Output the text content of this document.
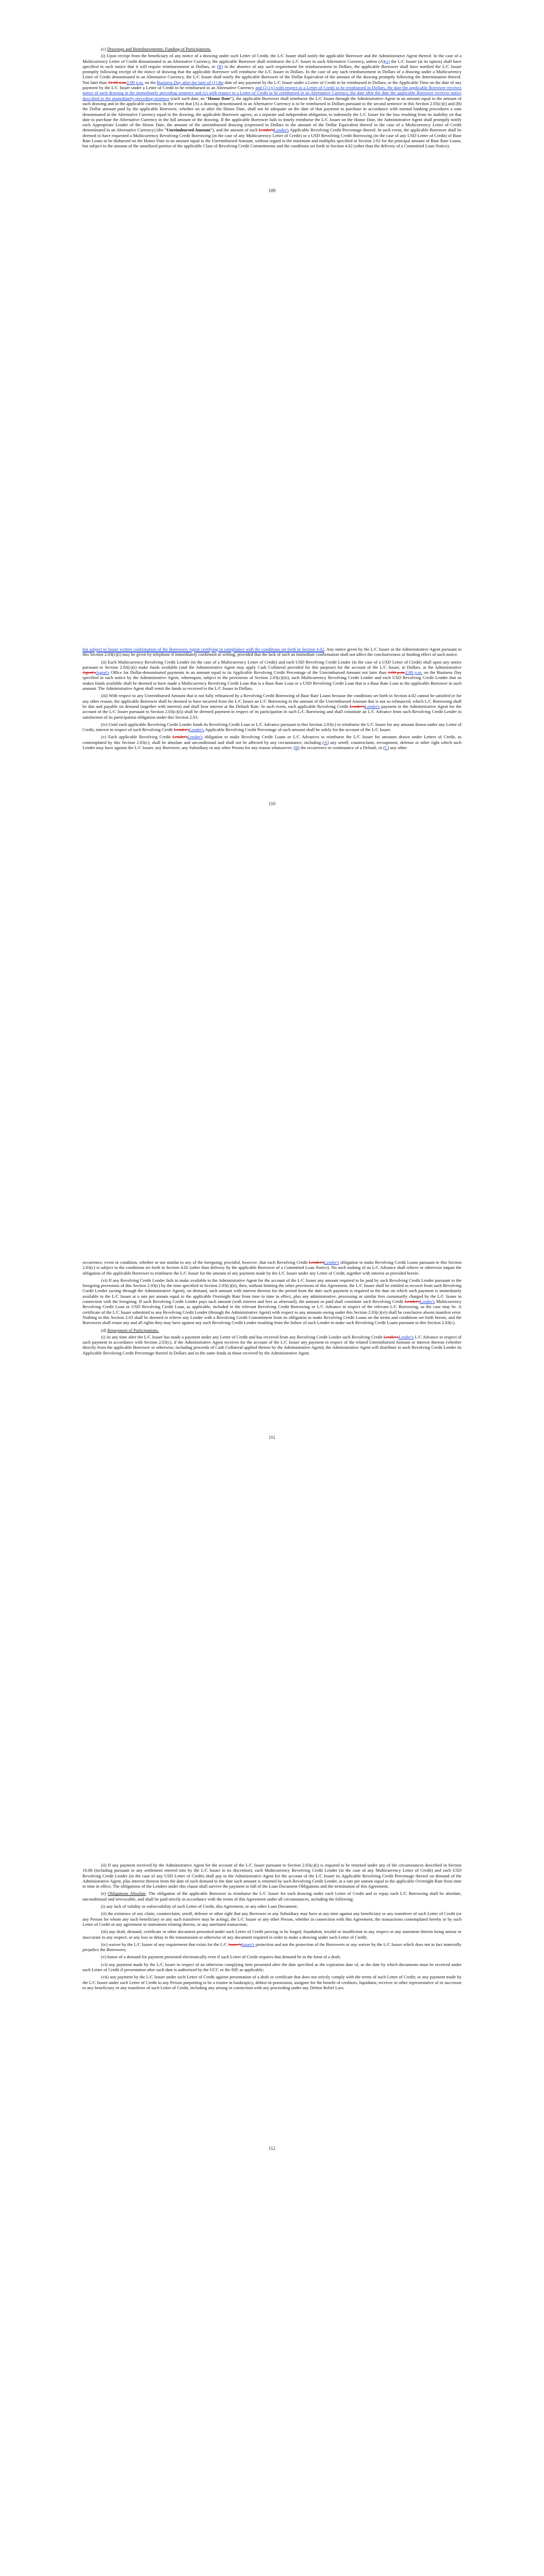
(c) Drawings and Reimbursements; Funding of Participations.

(i) Upon receipt from the beneficiary of any notice of a drawing under such Letter of Credit, the L/C Issuer shall notify the applicable Borrower and the Administrative Agent thereof. In the case of a Multicurrency Letter of Credit denominated in an Alternative Currency, the applicable Borrower shall reimburse the L/C Issuer in such Alternative Currency, unless (A)(x) the L/C Issuer (at its option) shall have specified in such notice that it will require reimbursement in Dollars, or (B) in the absence of any such requirement for reimbursement in Dollars, the applicable Borrower shall have notified the L/C Issuer promptly following receipt of the notice of drawing that the applicable Borrower will reimburse the L/C Issuer in Dollars. In the case of any such reimbursement in Dollars of a drawing under a Multicurrency Letter of Credit denominated in an Alternative Currency, the L/C Issuer shall notify the applicable Borrower of the Dollar Equivalent of the amount of the drawing promptly following the determination thereof. Not later than 11:00 a.m.2:00 p.m. on the Business Day after the later of (1) the date of any payment by the L/C Issuer under a Letter of Credit to be reimbursed in Dollars, or the Applicable Time on the date of any payment by the L/C Issuer under a Letter of Credit to be reimbursed in an Alternative Currency and (2) (x) with respect to a Letter of Credit to be reimbursed in Dollars, the date the applicable Borrower receives notice of such drawing in the immediately preceding sentence and (y) with respect to a Letter of Credit to be reimbursed in an Alternative Currency, the date after the date the applicable Borrower receives notice described in the immediately preceding sentence (each such date, an “Honor Date”), the applicable Borrower shall reimburse the L/C Issuer through the Administrative Agent in an amount equal to the amount of such drawing and in the applicable currency. In the event that (A) a drawing denominated in an Alternative Currency is to be reimbursed in Dollars pursuant to the second sentence in this Section 2.03(c)(i) and (B) the Dollar amount paid by the applicable Borrower, whether on or after the Honor Date, shall not be adequate on the date of that payment to purchase in accordance with normal banking procedures a sum denominated in the Alternative Currency equal to the drawing, the applicable Borrower agrees, as a separate and independent obligation, to indemnify the L/C Issuer for the loss resulting from its inability on that date to purchase the Alternative Currency in the full amount of the drawing. If the applicable Borrower fails to timely reimburse the L/C Issuer on the Honor Date, the Administrative Agent shall promptly notify each Appropriate Lender of the Honor Date, the amount of the unreimbursed drawing (expressed in Dollars in the amount of the Dollar Equivalent thereof in the case of a Multicurrency Letter of Credit denominated in an Alternative Currency) (the “Unreimbursed Amount”), and the amount of such Lender'sLender's Applicable Revolving Credit Percentage thereof. In such event, the applicable Borrower shall be deemed to have requested a Multicurrency Revolving Credit Borrowing (in the case of any Multicurrency Letter of Credit) or a USD Revolving Credit Borrowing (in the case of any USD Letter of Credit) of Base Rate Loans to be disbursed on the Honor Date in an amount equal to the Unreimbursed Amount, without regard to the minimum and multiples specified in Section 2.02 for the principal amount of Base Rate Loans, but subject to the amount of the unutilized portion of the applicable Class of Revolving Credit Commitments and the conditions set forth in Section 4.02 (other than the delivery of a Committed Loan Notice).

109

but subject to Issuer written confirmation of the Borrowers Agent certifying in compliance with the conditions set forth in Section 4.02. Any notice given by the L/C Issuer or the Administrative Agent pursuant to this Section 2.03(c)(i) may be given by telephone if immediately confirmed in writing; provided that the lack of such an immediate confirmation shall not affect the conclusiveness or binding effect of such notice.

(ii) Each Multicurrency Revolving Credit Lender (in the case of a Multicurrency Letter of Credit) and each USD Revolving Credit Lender (in the case of a USD Letter of Credit) shall upon any notice pursuant to Section 2.03(c)(i) make funds available (and the Administrative Agent may apply Cash Collateral provided for this purpose) for the account of the L/C Issuer, in Dollars, at the Administrative Agent'sAgent's Office for Dollar-denominated payments in an amount equal to its Applicable Revolving Credit Percentage of the Unreimbursed Amount not later than 1:00 p.m.2:00 p.m. on the Business Day specified in such notice by the Administrative Agent, whereupon, subject to the provisions of Section 2.03(c)(iii), each Multicurrency Revolving Credit Lender and each USD Revolving Credit Lender that so makes funds available shall be deemed to have made a Multicurrency Revolving Credit Loan that is a Base Rate Loan or a USD Revolving Credit Loan that is a Base Rate Loan to the applicable Borrower in such amount. The Administrative Agent shall remit the funds so received to the L/C Issuer in Dollars.

(iii) With respect to any Unreimbursed Amount that is not fully refinanced by a Revolving Credit Borrowing of Base Rate Loans because the conditions set forth in Section 4.02 cannot be satisfied or for any other reason, the applicable Borrower shall be deemed to have incurred from the L/C Issuer an L/C Borrowing in the amount of the Unreimbursed Amount that is not so refinanced, which L/C Borrowing shall be due and payable on demand (together with interest) and shall bear interest at the Default Rate. In such event, each applicable Revolving Credit Lender'sLender's payment to the Administrative Agent for the account of the L/C Issuer pursuant to Section 2.03(c)(ii) shall be deemed payment in respect of its participation in such L/C Borrowing and shall constitute an L/C Advance from such Revolving Credit Lender in satisfaction of its participation obligation under this Section 2.03.

(iv) Until each applicable Revolving Credit Lender funds its Revolving Credit Loan or L/C Advance pursuant to this Section 2.03(c) to reimburse the L/C Issuer for any amount drawn under any Letter of Credit, interest in respect of such Revolving Credit Lender'sLender's Applicable Revolving Credit Percentage of such amount shall be solely for the account of the L/C Issuer.

(v) Each applicable Revolving Credit Lender'sLender's obligation to make Revolving Credit Loans or L/C Advances to reimburse the L/C Issuer for amounts drawn under Letters of Credit, as contemplated by this Section 2.03(c), shall be absolute and unconditional and shall not be affected by any circumstance, including (A) any setoff, counterclaim, recoupment, defense or other right which such Lender may have against the L/C Issuer, any Borrower, any Subsidiary or any other Person for any reason whatsoever, (B) the occurrence or continuance of a Default, or (C) any other

110

occurrence, event or condition, whether or not similar to any of the foregoing; provided, however, that each Revolving Credit Lender'sLender's obligation to make Revolving Credit Loans pursuant to this Section 2.03(c) is subject to the conditions set forth in Section 4.02 (other than delivery by the applicable Borrower of a Committed Loan Notice). No such making of an L/C Advance shall relieve or otherwise impair the obligation of the applicable Borrower to reimburse the L/C Issuer for the amount of any payment made by the L/C Issuer under any Letter of Credit, together with interest as provided herein.

(vi) If any Revolving Credit Lender fails to make available to the Administrative Agent for the account of the L/C Issuer any amount required to be paid by such Revolving Credit Lender pursuant to the foregoing provisions of this Section 2.03(c) by the time specified in Section 2.03(c)(ii), then, without limiting the other provisions of this Agreement, the L/C Issuer shall be entitled to recover from such Revolving Credit Lender (acting through the Administrative Agent), on demand, such amount with interest thereon for the period from the date such payment is required to the date on which such payment is immediately available to the L/C Issuer at a rate per annum equal to the applicable Overnight Rate from time to time in effect, plus any administrative, processing or similar fees customarily charged by the L/C Issuer in connection with the foregoing. If such Revolving Credit Lender pays such amount (with interest and fees as aforesaid), the amount so paid shall constitute such Revolving Credit Lender'sLender's Multicurrency Revolving Credit Loan or USD Revolving Credit Loan, as applicable, included in the relevant Revolving Credit Borrowing or L/C Advance in respect of the relevant L/C Borrowing, as the case may be. A certificate of the L/C Issuer submitted to any Revolving Credit Lender (through the Administrative Agent) with respect to any amounts owing under this Section 2.03(c)(vi) shall be conclusive absent manifest error. Nothing in this Section 2.03 shall be deemed to relieve any Lender with a Revolving Credit Commitment from its obligation to make Revolving Credit Loans on the terms and conditions set forth herein, and the Borrowers shall retain any and all rights they may have against any such Revolving Credit Lender resulting from the failure of such Lender to make such Revolving Credit Loans pursuant to this Section 2.03(c).

(d) Repayment of Participations.

(i) At any time after the L/C Issuer has made a payment under any Letter of Credit and has received from any Revolving Credit Lender such Revolving Credit Lender'sLender's L/C Advance in respect of such payment in accordance with Section 2.03(c), if the Administrative Agent receives for the account of the L/C Issuer any payment in respect of the related Unreimbursed Amount or interest thereon (whether directly from the applicable Borrower or otherwise, including proceeds of Cash Collateral applied thereto by the Administrative Agent), the Administrative Agent will distribute to such Revolving Credit Lender its Applicable Revolving Credit Percentage thereof in Dollars and in the same funds as those received by the Administrative Agent.

111

(ii) If any payment received by the Administrative Agent for the account of the L/C Issuer pursuant to Section 2.03(c)(i) is required to be returned under any of the circumstances described in Section 10.06 (including pursuant to any settlement entered into by the L/C Issuer in its discretion), each Multicurrency Revolving Credit Lender (in the case of any Multicurrency Letter of Credit) and each USD Revolving Credit Lender (in the case of any USD Letter of Credit) shall pay to the Administrative Agent for the account of the L/C Issuer its Applicable Revolving Credit Percentage thereof on demand of the Administrative Agent, plus interest thereon from the date of such demand to the date such amount is returned by such Revolving Credit Lender, at a rate per annum equal to the applicable Overnight Rate from time to time in effect. The obligations of the Lenders under this clause shall survive the payment in full of the Loan Document Obligations and the termination of this Agreement.

(e) Obligations Absolute. The obligation of the applicable Borrower to reimburse the L/C Issuer for each drawing under each Letter of Credit and to repay each L/C Borrowing shall be absolute, unconditional and irrevocable, and shall be paid strictly in accordance with the terms of this Agreement under all circumstances, including the following:

(i) any lack of validity or enforceability of such Letter of Credit, this Agreement, or any other Loan Document;

(ii) the existence of any claim, counterclaim, setoff, defense or other right that any Borrower or any Subsidiary may have at any time against any beneficiary or any transferee of such Letter of Credit (or any Person for whom any such beneficiary or any such transferee may be acting), the L/C Issuer or any other Person, whether in connection with this Agreement, the transactions contemplated hereby or by such Letter of Credit or any agreement or instrument relating thereto, or any unrelated transaction;

(iii) any draft, demand, certificate or other document presented under such Letter of Credit proving to be forged, fraudulent, invalid or insufficient in any respect or any statement therein being untrue or inaccurate in any respect; or any loss or delay in the transmission or otherwise of any document required in order to make a drawing under such Letter of Credit;

(iv) waiver by the L/C Issuer of any requirement that exists for the L/C Issuer'sIssuer's protection and not the protection of the Borrowers or any waiver by the L/C Issuer which does not in fact materially prejudice the Borrowers;

(v) honor of a demand for payment presented electronically even if such Letter of Credit requires that demand be in the form of a draft;

(vi) any payment made by the L/C Issuer in respect of an otherwise complying item presented after the date specified as the expiration date of, or the date by which documents must be received under such Letter of Credit if presentation after such date is authorized by the UCC or the ISP, as applicable;

(vii) any payment by the L/C Issuer under such Letter of Credit against presentation of a draft or certificate that does not strictly comply with the terms of such Letter of Credit; or any payment made by the L/C Issuer under such Letter of Credit to any Person purporting to be a trustee in bankruptcy, debtor-in-possession, assignee for the benefit of creditors, liquidator, receiver or other representative of or successor to any beneficiary or any transferee of such Letter of Credit, including any arising in connection with any proceeding under any Debtor Relief Law;

112
